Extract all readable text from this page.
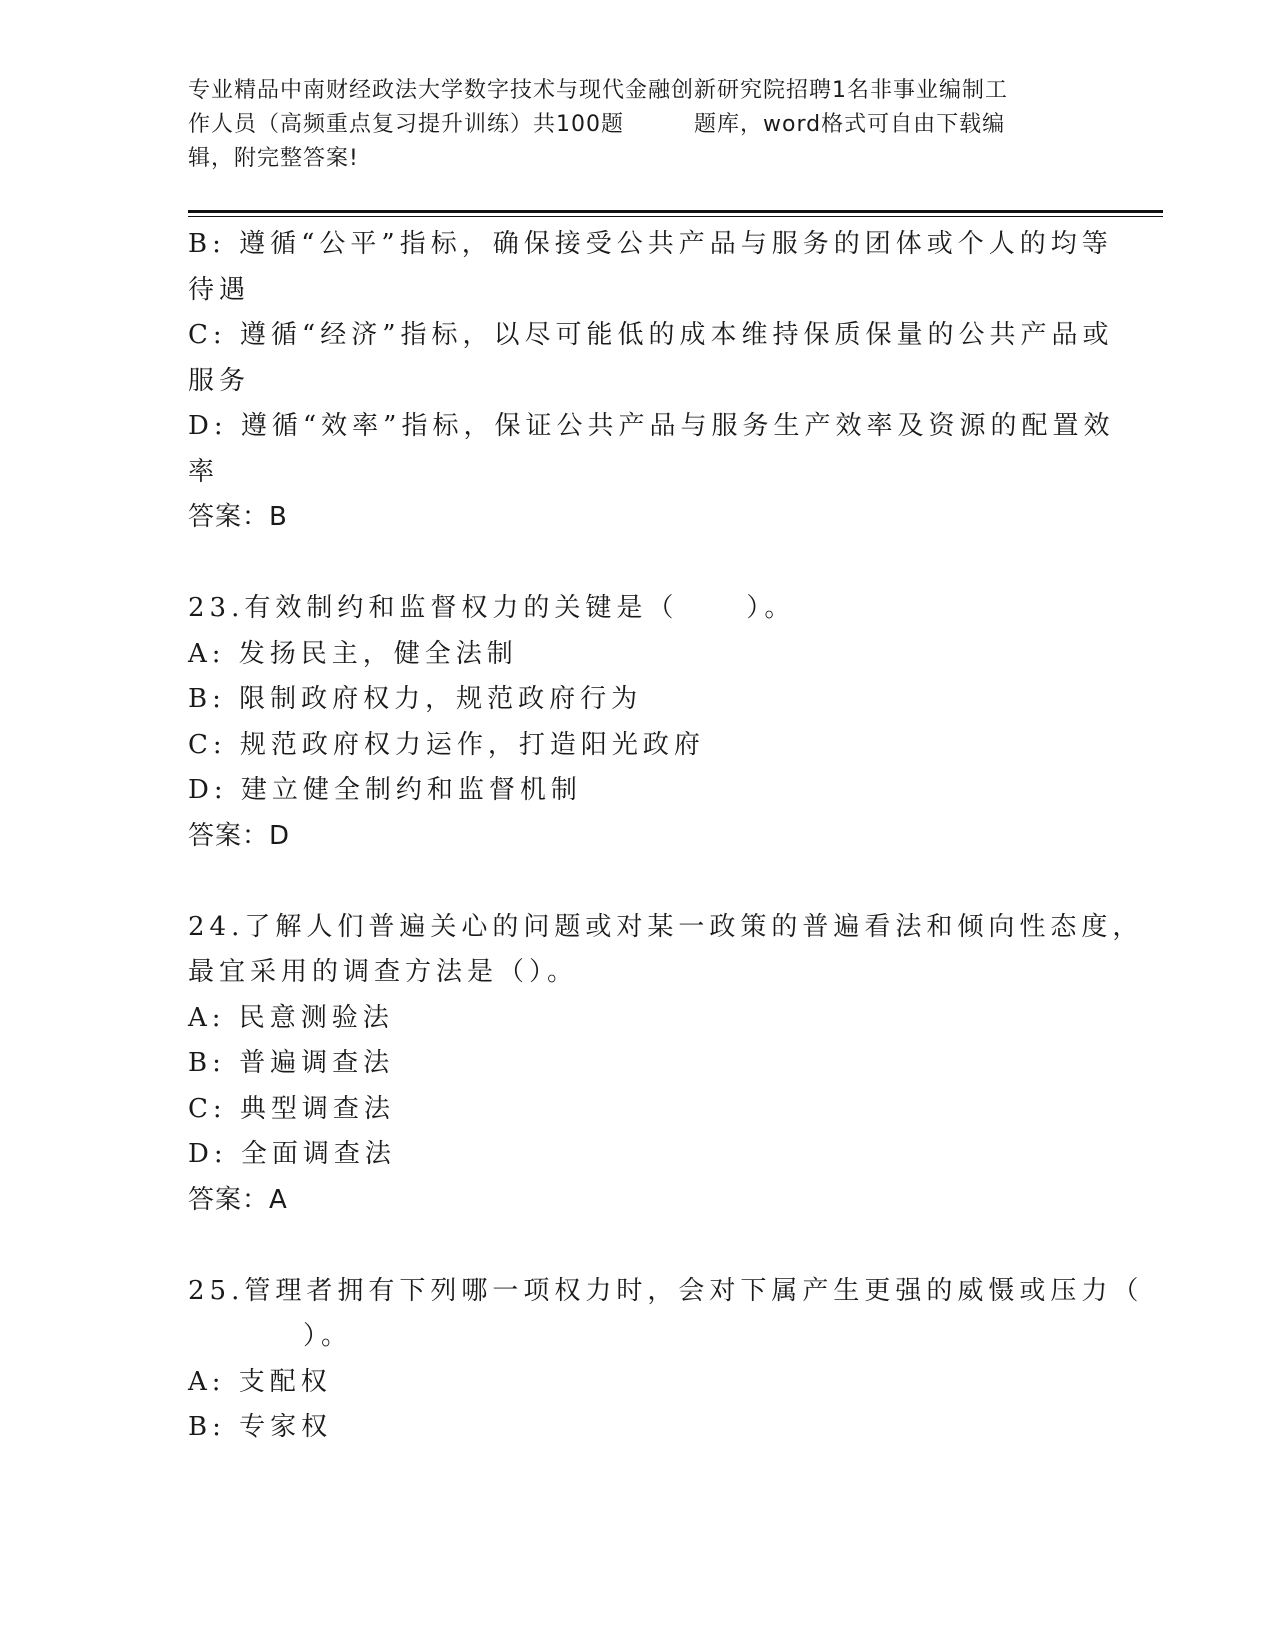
专业精品中南财经政法大学数字技术与现代金融创新研究院招聘1名非事业编制工
作人员（高频重点复习提升训练）共100题	题库，word格式可自由下载编
辑，附完整答案!
B: 遵循“公平”指标，确保接受公共产品与服务的团体或个人的均等
待遇
C: 遵循“经济”指标，以尽可能低的成本维持保质保量的公共产品或
服务
D: 遵循“效率”指标，保证公共产品与服务生产效率及资源的配置效
率
答案：B
23.有效制约和监督权力的关键是（	）。
A: 发扬民主，健全法制
B: 限制政府权力，规范政府行为
C: 规范政府权力运作，打造阳光政府
D: 建立健全制约和监督机制
答案：D
24.了解人们普遍关心的问题或对某一政策的普遍看法和倾向性态度，
最宜采用的调查方法是（）。
A: 民意测验法
B: 普遍调查法
C: 典型调查法
D: 全面调查法
答案：A
25.管理者拥有下列哪一项权力时，会对下属产生更强的威慑或压力（
）。
A: 支配权
B: 专家权
